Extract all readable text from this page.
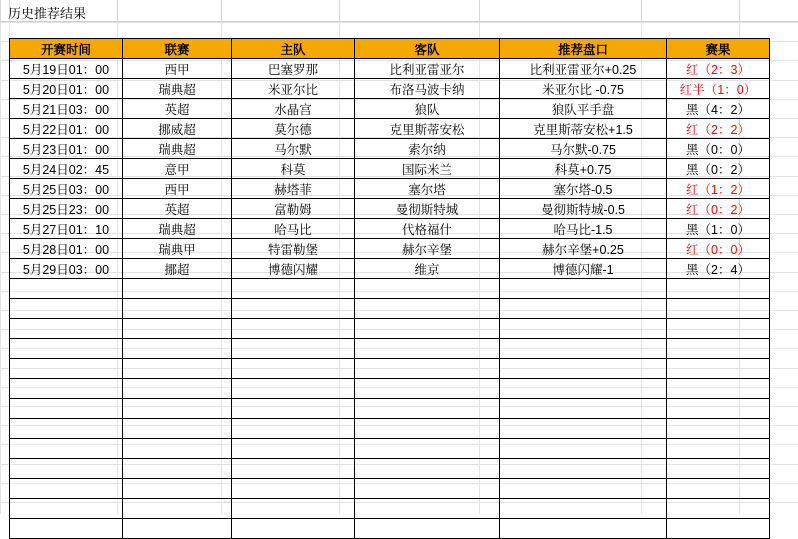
历史推荐结果
开赛时间	联赛	主队	客队	推荐盘口	赛果
5月19日01：00	西甲	巴塞罗那	比利亚雷亚尔	比利亚雷亚尔+0.25	红（2：3）
5月20日01：00	瑞典超	米亚尔比	布洛马波卡纳	米亚尔比 -0.75	红半（1：0）
5月21日03：00	英超	水晶宫	狼队	狼队平手盘	黑（4：2）
5月22日01：00	挪威超	莫尔德	克里斯蒂安松	克里斯蒂安松+1.5	红（2：2）
5月23日01：00	瑞典超	马尔默	索尔纳	马尔默-0.75	黑（0：0）
5月24日02：45	意甲	科莫	国际米兰	科莫+0.75	黑（0：2）
5月25日03：00	西甲	赫塔菲	塞尔塔	塞尔塔-0.5	红（1：2）
5月25日23：00	英超	富勒姆	曼彻斯特城	曼彻斯特城-0.5	红（0：2）
5月27日01：10	瑞典超	哈马比	代格福什	哈马比-1.5	黑（1：0）
5月28日01：00	瑞典甲	特雷勒堡	赫尔辛堡	赫尔辛堡+0.25	红（0：0）
5月29日03：00	挪超	博德闪耀	维京	博德闪耀-1	黑（2：4）
